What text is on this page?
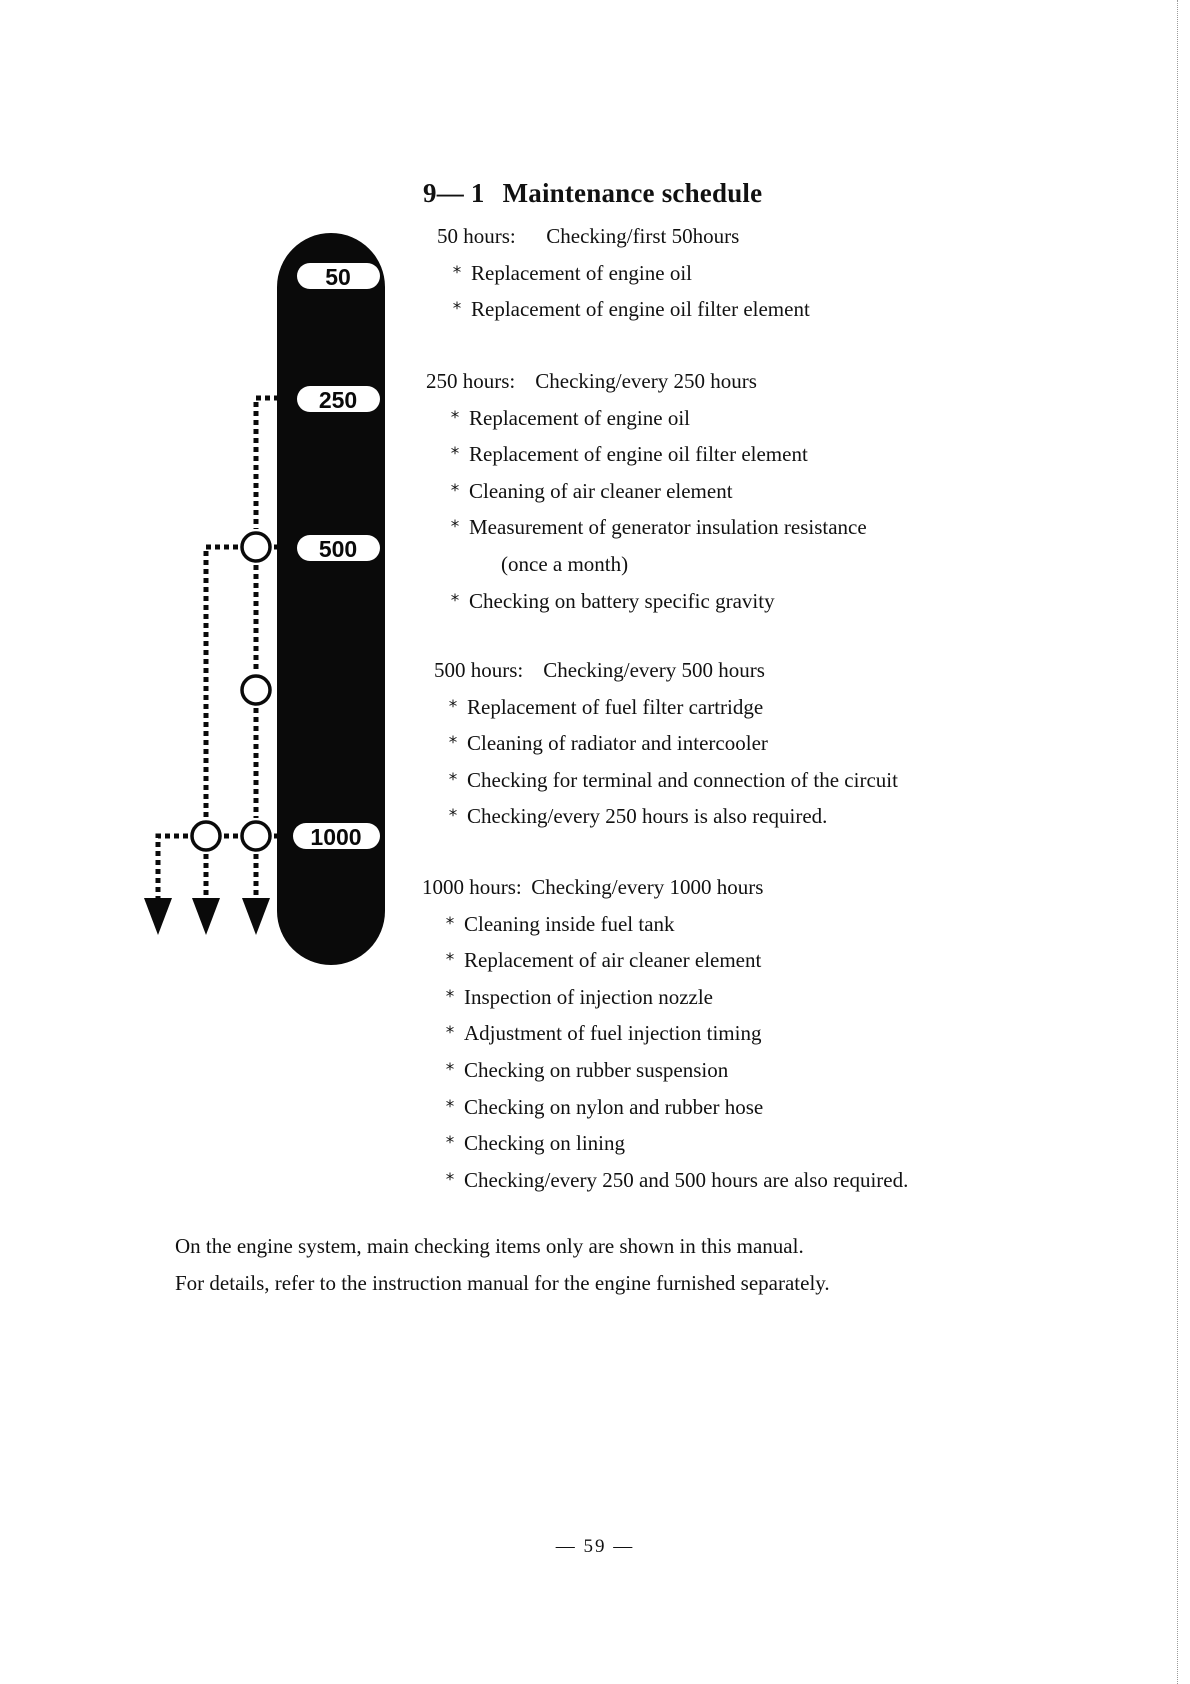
50
250
500
1000
9— 1 Maintenance schedule
50 hours: Checking/first 50hours
* Replacement of engine oil
* Replacement of engine oil filter element
250 hours: Checking/every 250 hours
* Replacement of engine oil
* Replacement of engine oil filter element
* Cleaning of air cleaner element
* Measurement of generator insulation resistance
(once a month)
* Checking on battery specific gravity
500 hours: Checking/every 500 hours
* Replacement of fuel filter cartridge
* Cleaning of radiator and intercooler
* Checking for terminal and connection of the circuit
* Checking/every 250 hours is also required.
1000 hours: Checking/every 1000 hours
* Cleaning inside fuel tank
* Replacement of air cleaner element
* Inspection of injection nozzle
* Adjustment of fuel injection timing
* Checking on rubber suspension
* Checking on nylon and rubber hose
* Checking on lining
* Checking/every 250 and 500 hours are also required.
On the engine system, main checking items only are shown in this manual.
For details, refer to the instruction manual for the engine furnished separately.
— 59 —
